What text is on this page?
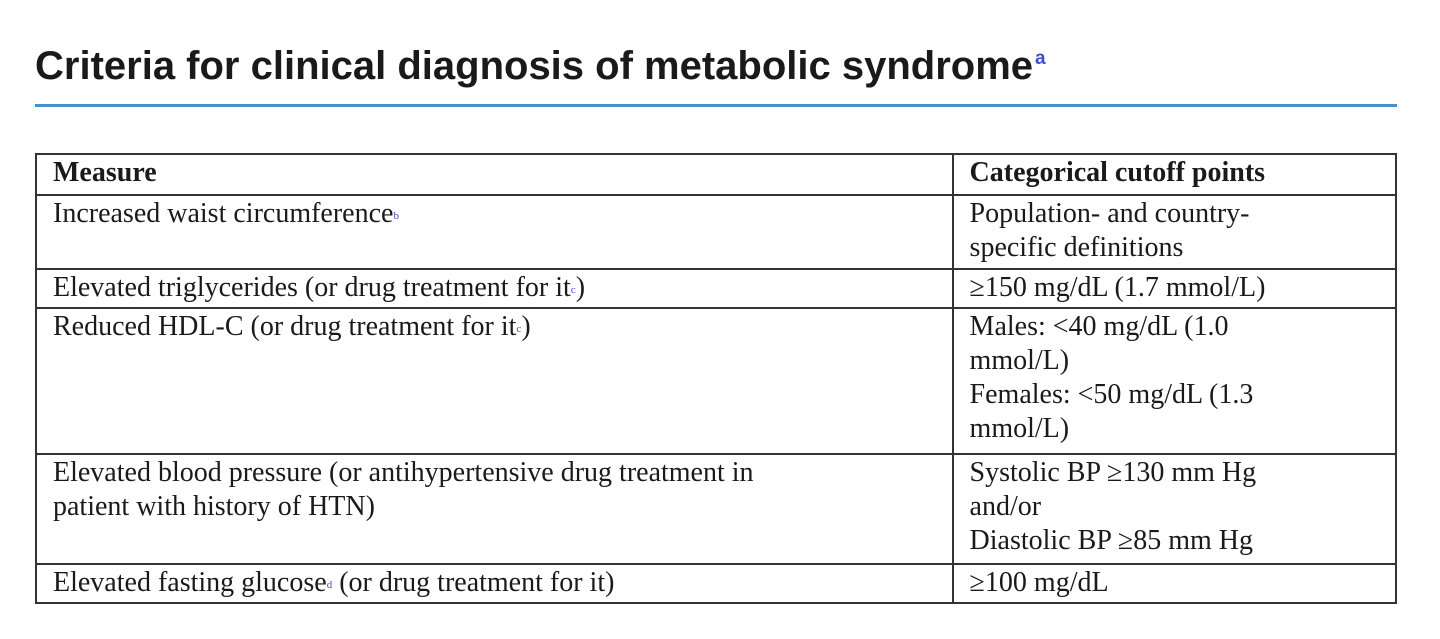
Criteria for clinical diagnosis of metabolic syndrome $^a$
Measure	Categorical cutoff points
Increased waist circumference$^b$	Population- and country-
specific definitions

Elevated triglycerides (or drug treatment for it$^c$)	≥150 mg/dL (1.7 mmol/L)

Reduced HDL-C (or drug treatment for it$^c$)	Males: <40 mg/dL (1.0
mmol/L)
Females: <50 mg/dL (1.3
mmol/L)

Elevated blood pressure (or antihypertensive drug treatment in
patient with history of HTN)	Systolic BP ≥130 mm Hg
and/or
Diastolic BP ≥85 mm Hg

Elevated fasting glucose$^d$ (or drug treatment for it)	≥100 mg/dL
